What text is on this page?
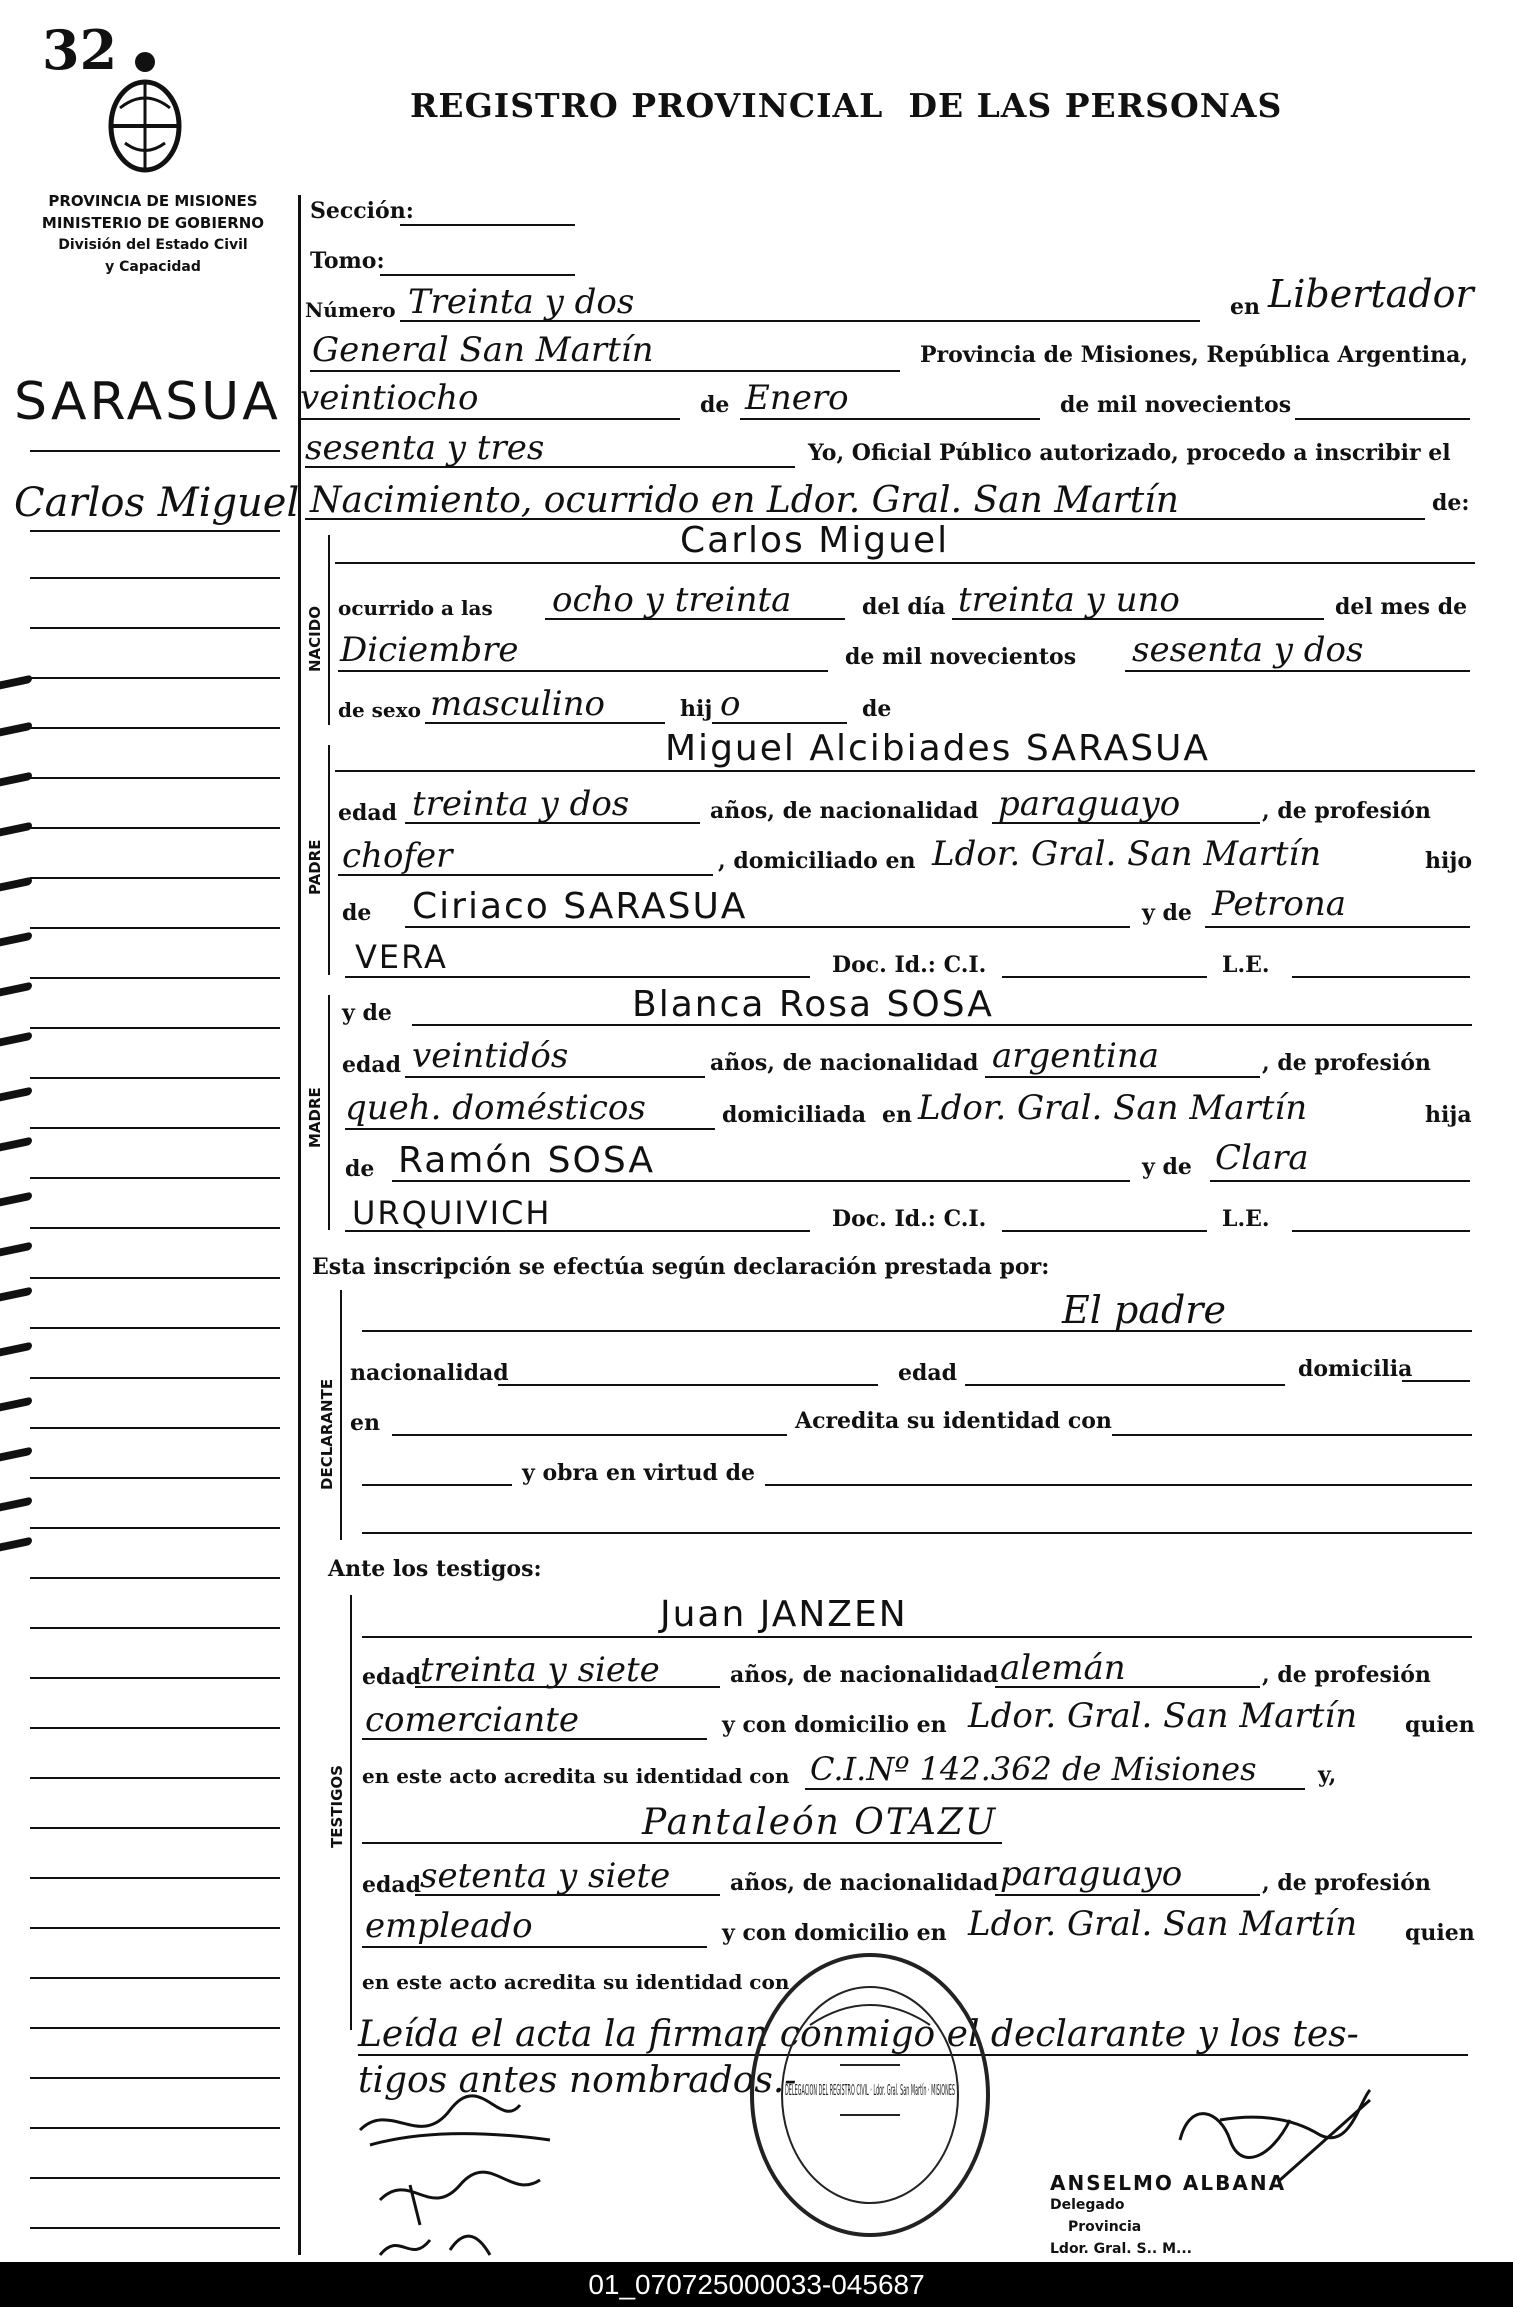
32
REGISTRO PROVINCIAL  DE LAS PERSONAS
PROVINCIA DE MISIONES
MINISTERIO DE GOBIERNO
División del Estado Civil
y Capacidad
SARASUA
Carlos Miguel
Sección:
Tomo:
Número Treinta y dos	en Libertador
General San Martín	Provincia de Misiones, República Argentina,
veintiocho	de Enero	de mil novecientos
sesenta y tres	Yo, Oficial Público autorizado, procedo a inscribir el
Nacimiento, ocurrido en Ldor. Gral. San Martín	de:
NACIDO
Carlos Miguel
ocurrido a las ocho y treinta	del día treinta y uno	del mes de
Diciembre	de mil novecientos sesenta y dos
de sexo masculino	hij o	de
PADRE
Miguel Alcibiades SARASUA
edad treinta y dos	años, de nacionalidad paraguayo	, de profesión
chofer	, domiciliado en Ldor. Gral. San Martín	hijo
de Ciriaco SARASUA	y de Petrona
VERA	Doc. Id.: C.I.	L.E.
MADRE
y de	Blanca Rosa SOSA
edad veintidós	años, de nacionalidad argentina	, de profesión
queh. domésticos	domiciliada en Ldor. Gral. San Martín	hija
de Ramón SOSA	y de Clara
URQUIVICH	Doc. Id.: C.I.	L.E.
Esta inscripción se efectúa según declaración prestada por:
DECLARANTE
El padre
nacionalidad	edad	domicilia
en	Acredita su identidad con
y obra en virtud de
Ante los testigos:
TESTIGOS
Juan JANZEN
edad
treinta y siete	años, de nacionalidad alemán	, de profesión
comerciante	y con domicilio en Ldor. Gral. San Martín quien
en este acto acredita su identidad con C.I.Nº 142.362 de Misiones	y,
Pantaleón OTAZU
edad
setenta y siete	años, de nacionalidad paraguayo	, de profesión
empleado	y con domicilio en Ldor. Gral. San Martín quien
en este acto acredita su identidad con
Leída el acta la firman conmigo el declarante y los tes-
tigos antes nombrados.-
DELEGACION DEL REGISTRO CIVIL · Ldor. Gral. San Martín · MISIONES
ANSELMO ALBANA
Delegado
Provincia
Ldor. Gral. S.. M...
01_070725000033-045687
